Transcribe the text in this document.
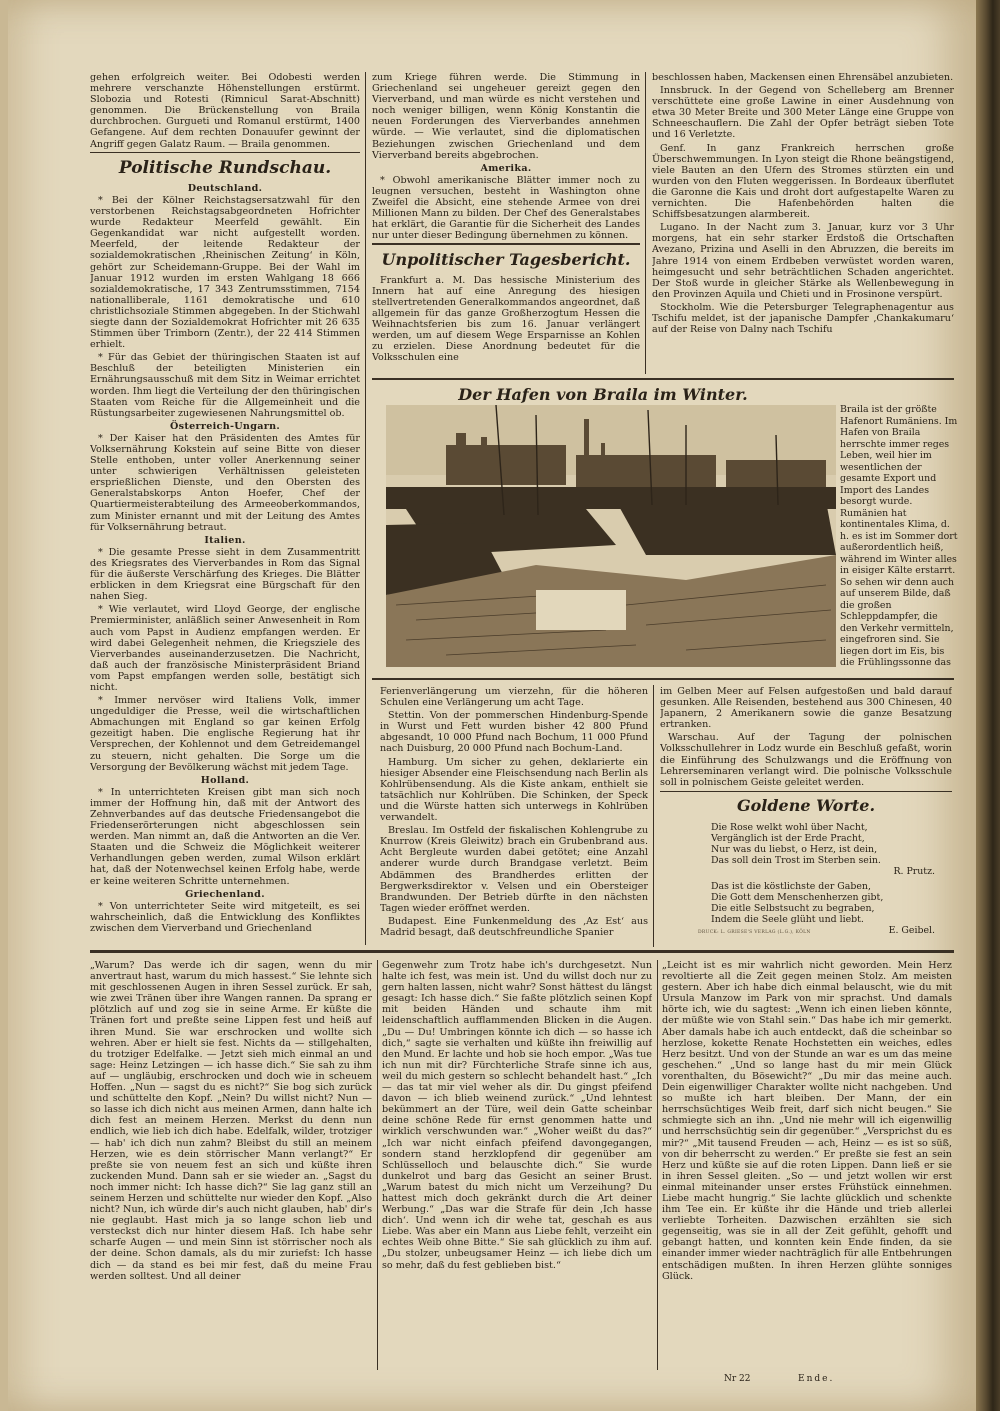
gehen erfolgreich weiter. Bei Odobesti werden mehrere verschanzte Höhenstellungen erstürmt. Slobozia und Rotesti (Rimnicul Sarat-Abschnitt) genommen. Die Brückenstellung von Braila durchbrochen. Gurgueti und Romanul erstürmt, 1400 Gefangene. Auf dem rechten Donauufer gewinnt der Angriff gegen Galatz Raum. — Braila genommen.

Politische Rundschau.
Deutschland.

* Bei der Kölner Reichstagsersatzwahl für den verstorbenen Reichstagsabgeordneten Hofrichter wurde Redakteur Meerfeld gewählt. Ein Gegenkandidat war nicht aufgestellt worden. Meerfeld, der leitende Redakteur der sozialdemokratischen ‚Rheinischen Zeitung‘ in Köln, gehört zur Scheidemann-Gruppe. Bei der Wahl im Januar 1912 wurden im ersten Wahlgang 18 666 sozialdemokratische, 17 343 Zentrumsstimmen, 7154 nationalliberale, 1161 demokratische und 610 christlichsoziale Stimmen abgegeben. In der Stichwahl siegte dann der Sozialdemokrat Hofrichter mit 26 635 Stimmen über Trimborn (Zentr.), der 22 414 Stimmen erhielt.

* Für das Gebiet der thüringischen Staaten ist auf Beschluß der beteiligten Ministerien ein Ernährungsausschuß mit dem Sitz in Weimar errichtet worden. Ihm liegt die Verteilung der den thüringischen Staaten vom Reiche für die Allgemeinheit und die Rüstungsarbeiter zugewiesenen Nahrungsmittel ob.

Österreich-Ungarn.

* Der Kaiser hat den Präsidenten des Amtes für Volksernährung Kokstein auf seine Bitte von dieser Stelle enthoben, unter voller Anerkennung seiner unter schwierigen Verhältnissen geleisteten ersprießlichen Dienste, und den Obersten des Generalstabskorps Anton Hoefer, Chef der Quartiermeisterabteilung des Armeeoberkommandos, zum Minister ernannt und mit der Leitung des Amtes für Volksernährung betraut.

Italien.

* Die gesamte Presse sieht in dem Zusammentritt des Kriegsrates des Vierverbandes in Rom das Signal für die äußerste Verschärfung des Krieges. Die Blätter erblicken in dem Kriegsrat eine Bürgschaft für den nahen Sieg.

* Wie verlautet, wird Lloyd George, der englische Premierminister, anläßlich seiner Anwesenheit in Rom auch vom Papst in Audienz empfangen werden. Er wird dabei Gelegenheit nehmen, die Kriegsziele des Vierverbandes auseinanderzusetzen. Die Nachricht, daß auch der französische Ministerpräsident Briand vom Papst empfangen werden solle, bestätigt sich nicht.

* Immer nervöser wird Italiens Volk, immer ungeduldiger die Presse, weil die wirtschaftlichen Abmachungen mit England so gar keinen Erfolg gezeitigt haben. Die englische Regierung hat ihr Versprechen, der Kohlennot und dem Getreidemangel zu steuern, nicht gehalten. Die Sorge um die Versorgung der Bevölkerung wächst mit jedem Tage.

Holland.

* In unterrichteten Kreisen gibt man sich noch immer der Hoffnung hin, daß mit der Antwort des Zehnverbandes auf das deutsche Friedensangebot die Friedenserörterungen nicht abgeschlossen sein werden. Man nimmt an, daß die Antworten an die Ver. Staaten und die Schweiz die Möglichkeit weiterer Verhandlungen geben werden, zumal Wilson erklärt hat, daß der Notenwechsel keinen Erfolg habe, werde er keine weiteren Schritte unternehmen.

Griechenland.

* Von unterrichteter Seite wird mitgeteilt, es sei wahrscheinlich, daß die Entwicklung des Konfliktes zwischen dem Vierverband und Griechenland

zum Kriege führen werde. Die Stimmung in Griechenland sei ungeheuer gereizt gegen den Vierverband, und man würde es nicht verstehen und noch weniger billigen, wenn König Konstantin die neuen Forderungen des Vierverbandes annehmen würde. — Wie verlautet, sind die diplomatischen Beziehungen zwischen Griechenland und dem Vierverband bereits abgebrochen.

Amerika.

* Obwohl amerikanische Blätter immer noch zu leugnen versuchen, besteht in Washington ohne Zweifel die Absicht, eine stehende Armee von drei Millionen Mann zu bilden. Der Chef des Generalstabes hat erklärt, die Garantie für die Sicherheit des Landes nur unter dieser Bedingung übernehmen zu können.

Unpolitischer Tagesbericht.

Frankfurt a. M. Das hessische Ministerium des Innern hat auf eine Anregung des hiesigen stellvertretenden Generalkommandos angeordnet, daß allgemein für das ganze Großherzogtum Hessen die Weihnachtsferien bis zum 16. Januar verlängert werden, um auf diesem Wege Ersparnisse an Kohlen zu erzielen. Diese Anordnung bedeutet für die Volksschulen eine

beschlossen haben, Mackensen einen Ehrensäbel anzubieten.

Innsbruck. In der Gegend von Schelleberg am Brenner verschüttete eine große Lawine in einer Ausdehnung von etwa 30 Meter Breite und 300 Meter Länge eine Gruppe von Schneeschauflern. Die Zahl der Opfer beträgt sieben Tote und 16 Verletzte.

Genf. In ganz Frankreich herrschen große Überschwemmungen. In Lyon steigt die Rhone beängstigend, viele Bauten an den Ufern des Stromes stürzten ein und wurden von den Fluten weggerissen. In Bordeaux überflutet die Garonne die Kais und droht dort aufgestapelte Waren zu vernichten. Die Hafenbehörden halten die Schiffsbesatzungen alarmbereit.

Lugano. In der Nacht zum 3. Januar, kurz vor 3 Uhr morgens, hat ein sehr starker Erdstoß die Ortschaften Avezano, Prizina und Aselli in den Abruzzen, die bereits im Jahre 1914 von einem Erdbeben verwüstet worden waren, heimgesucht und sehr beträchtlichen Schaden angerichtet. Der Stoß wurde in gleicher Stärke als Wellenbewegung in den Provinzen Aquila und Chieti und in Frosinone verspürt.

Stockholm. Wie die Petersburger Telegraphenagentur aus Tschifu meldet, ist der japanische Dampfer ‚Chankakumaru‘ auf der Reise von Dalny nach Tschifu

Der Hafen von Braila im Winter.
Braila ist der größte Hafenort Rumäniens. Im Hafen von Braila herrschte immer reges Leben, weil hier im wesentlichen der gesamte Export und Import des Landes besorgt wurde. Rumänien hat kontinentales Klima, d. h. es ist im Sommer dort außerordentlich heiß, während im Winter alles in eisiger Kälte erstarrt. So sehen wir denn auch auf unserem Bilde, daß die großen Schleppdampfer, die den Verkehr vermitteln, eingefroren sind. Sie liegen dort im Eis, bis die Frühlingssonne das

Ferienverlängerung um vierzehn, für die höheren Schulen eine Verlängerung um acht Tage.

Stettin. Von der pommerschen Hindenburg-Spende in Wurst und Fett wurden bisher 42 800 Pfund abgesandt, 10 000 Pfund nach Bochum, 11 000 Pfund nach Duisburg, 20 000 Pfund nach Bochum-Land.

Hamburg. Um sicher zu gehen, deklarierte ein hiesiger Absender eine Fleischsendung nach Berlin als Kohlrübensendung. Als die Kiste ankam, enthielt sie tatsächlich nur Kohlrüben. Die Schinken, der Speck und die Würste hatten sich unterwegs in Kohlrüben verwandelt.

Breslau. Im Ostfeld der fiskalischen Kohlengrube zu Knurrow (Kreis Gleiwitz) brach ein Grubenbrand aus. Acht Bergleute wurden dabei getötet; eine Anzahl anderer wurde durch Brandgase verletzt. Beim Abdämmen des Brandherdes erlitten der Bergwerksdirektor v. Velsen und ein Obersteiger Brandwunden. Der Betrieb dürfte in den nächsten Tagen wieder eröffnet werden.

Budapest. Eine Funkenmeldung des ‚Az Est‘ aus Madrid besagt, daß deutschfreundliche Spanier

im Gelben Meer auf Felsen aufgestoßen und bald darauf gesunken. Alle Reisenden, bestehend aus 300 Chinesen, 40 Japanern, 2 Amerikanern sowie die ganze Besatzung ertranken.

Warschau. Auf der Tagung der polnischen Volksschullehrer in Lodz wurde ein Beschluß gefaßt, worin die Einführung des Schulzwangs und die Eröffnung von Lehrerseminaren verlangt wird. Die polnische Volksschule soll in polnischem Geiste geleitet werden.

Goldene Worte.
Die Rose welkt wohl über Nacht,
Vergänglich ist der Erde Pracht,
Nur was du liebst, o Herz, ist dein,
Das soll dein Trost im Sterben sein.
R. Prutz.
Das ist die köstlichste der Gaben,
Die Gott dem Menschenherzen gibt,
Die eitle Selbstsucht zu begraben,
Indem die Seele glüht und liebt.
E. Geibel.
DRUCK: L. GRIESE'S VERLAG (L.G.), KÖLN

„Warum? Das werde ich dir sagen, wenn du mir anvertraut hast, warum du mich hassest.“ Sie lehnte sich mit geschlossenen Augen in ihren Sessel zurück. Er sah, wie zwei Tränen über ihre Wangen rannen. Da sprang er plötzlich auf und zog sie in seine Arme. Er küßte die Tränen fort und preßte seine Lippen fest und heiß auf ihren Mund. Sie war erschrocken und wollte sich wehren. Aber er hielt sie fest. Nichts da — stillgehalten, du trotziger Edelfalke. — Jetzt sieh mich einmal an und sage: Heinz Letzingen — ich hasse dich.“ Sie sah zu ihm auf — ungläubig, erschrocken und doch wie in scheuem Hoffen. „Nun — sagst du es nicht?“ Sie bog sich zurück und schüttelte den Kopf. „Nein? Du willst nicht? Nun — so lasse ich dich nicht aus meinen Armen, dann halte ich dich fest an meinem Herzen. Merkst du denn nun endlich, wie lieb ich dich habe. Edelfalk, wilder, trotziger — hab' ich dich nun zahm? Bleibst du still an meinem Herzen, wie es dein störrischer Mann verlangt?“ Er preßte sie von neuem fest an sich und küßte ihren zuckenden Mund. Dann sah er sie wieder an. „Sagst du noch immer nicht: Ich hasse dich?“ Sie lag ganz still an seinem Herzen und schüttelte nur wieder den Kopf. „Also nicht? Nun, ich würde dir's auch nicht glauben, hab' dir's nie geglaubt. Hast mich ja so lange schon lieb und versteckst dich nur hinter diesem Haß. Ich habe sehr scharfe Augen — und mein Sinn ist störrischer noch als der deine. Schon damals, als du mir zuriefst: Ich hasse dich — da stand es bei mir fest, daß du meine Frau werden solltest. Und all deiner

Gegenwehr zum Trotz habe ich's durchgesetzt. Nun halte ich fest, was mein ist. Und du willst doch nur zu gern halten lassen, nicht wahr? Sonst hättest du längst gesagt: Ich hasse dich.“ Sie faßte plötzlich seinen Kopf mit beiden Händen und schaute ihm mit leidenschaftlich aufflammenden Blicken in die Augen. „Du — Du! Umbringen könnte ich dich — so hasse ich dich,“ sagte sie verhalten und küßte ihn freiwillig auf den Mund. Er lachte und hob sie hoch empor. „Was tue ich nun mit dir? Fürchterliche Strafe sinne ich aus, weil du mich gestern so schlecht behandelt hast.“ „Ich — das tat mir viel weher als dir. Du gingst pfeifend davon — ich blieb weinend zurück.“ „Und lehntest bekümmert an der Türe, weil dein Gatte scheinbar deine schöne Rede für ernst genommen hatte und wirklich verschwunden war.“ „Woher weißt du das?“ „Ich war nicht einfach pfeifend davongegangen, sondern stand herzklopfend dir gegenüber am Schlüsselloch und belauschte dich.“ Sie wurde dunkelrot und barg das Gesicht an seiner Brust. „Warum batest du mich nicht um Verzeihung? Du hattest mich doch gekränkt durch die Art deiner Werbung.“ „Das war die Strafe für dein ‚Ich hasse dich‘. Und wenn ich dir wehe tat, geschah es aus Liebe. Was aber ein Mann aus Liebe fehlt, verzeiht ein echtes Weib ohne Bitte.“ Sie sah glücklich zu ihm auf. „Du stolzer, unbeugsamer Heinz — ich liebe dich um so mehr, daß du fest geblieben bist.“

„Leicht ist es mir wahrlich nicht geworden. Mein Herz revoltierte all die Zeit gegen meinen Stolz. Am meisten gestern. Aber ich habe dich einmal belauscht, wie du mit Ursula Manzow im Park von mir sprachst. Und damals hörte ich, wie du sagtest: „Wenn ich einen lieben könnte, der müßte wie von Stahl sein.“ Das habe ich mir gemerkt. Aber damals habe ich auch entdeckt, daß die scheinbar so herzlose, kokette Renate Hochstetten ein weiches, edles Herz besitzt. Und von der Stunde an war es um das meine geschehen.“ „Und so lange hast du mir mein Glück vorenthalten, du Bösewicht?“ „Du mir das meine auch. Dein eigenwilliger Charakter wollte nicht nachgeben. Und so mußte ich hart bleiben. Der Mann, der ein herrschsüchtiges Weib freit, darf sich nicht beugen.“ Sie schmiegte sich an ihn. „Und nie mehr will ich eigenwillig und herrschsüchtig sein dir gegenüber.“ „Versprichst du es mir?“ „Mit tausend Freuden — ach, Heinz — es ist so süß, von dir beherrscht zu werden.“ Er preßte sie fest an sein Herz und küßte sie auf die roten Lippen. Dann ließ er sie in ihren Sessel gleiten. „So — und jetzt wollen wir erst einmal miteinander unser erstes Frühstück einnehmen. Liebe macht hungrig.“ Sie lachte glücklich und schenkte ihm Tee ein. Er küßte ihr die Hände und trieb allerlei verliebte Torheiten. Dazwischen erzählten sie sich gegenseitig, was sie in all der Zeit gefühlt, gehofft und gebangt hatten, und konnten kein Ende finden, da sie einander immer wieder nachträglich für alle Entbehrungen entschädigen mußten. In ihren Herzen glühte sonniges Glück.

Nr 22	Ende.
